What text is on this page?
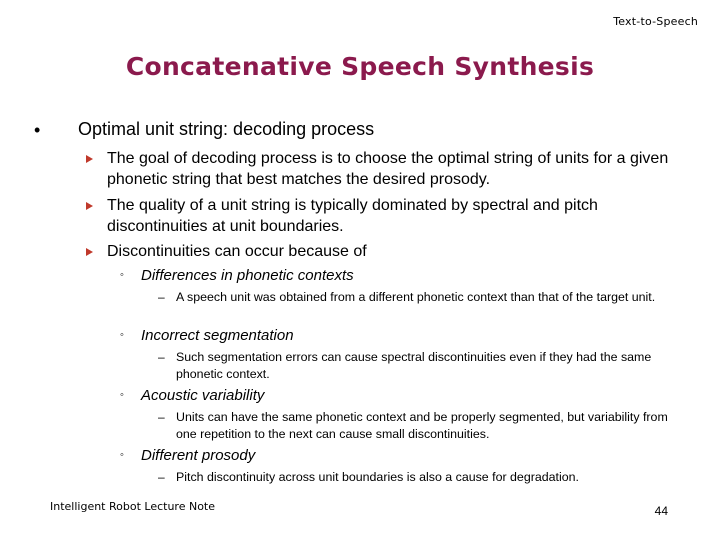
Text-to-Speech
Concatenative Speech Synthesis
• Optimal unit string: decoding process
The goal of decoding process is to choose the optimal string of units for a given phonetic string that best matches the desired prosody.
The quality of a unit string is typically dominated by spectral and pitch discontinuities at unit boundaries.
Discontinuities can occur because of
◦ Differences in phonetic contexts
– A speech unit was obtained from a different phonetic context than that of the target unit.
◦ Incorrect segmentation
– Such segmentation errors can cause spectral discontinuities even if they had the same phonetic context.
◦ Acoustic variability
– Units can have the same phonetic context and be properly segmented, but variability from one repetition to the next can cause small discontinuities.
◦ Different prosody
– Pitch discontinuity across unit boundaries is also a cause for degradation.
Intelligent Robot Lecture Note	44
